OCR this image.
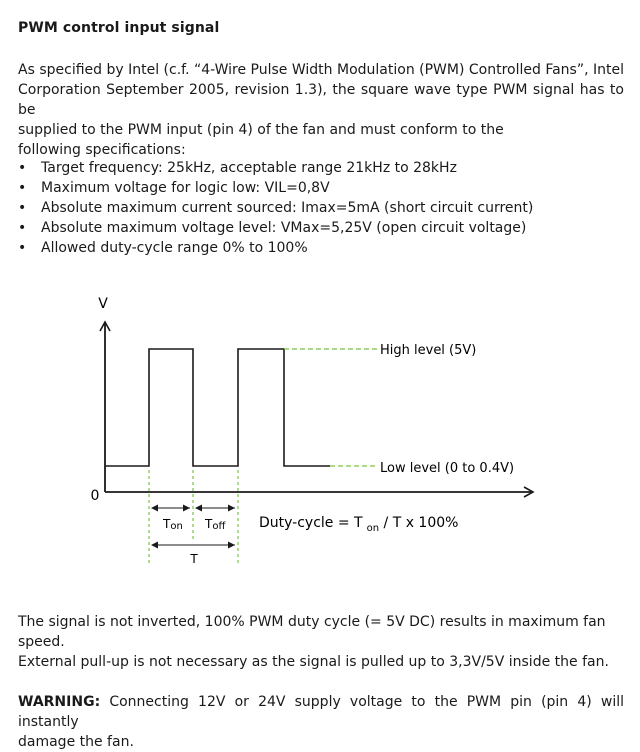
PWM control input signal
As specified by Intel (c.f. “4-Wire Pulse Width Modulation (PWM) Controlled Fans”, Intel
Corporation September 2005, revision 1.3), the square wave type PWM signal has to be
supplied to the PWM input (pin 4) of the fan and must conform to the
following specifications:
• Target frequency: 25kHz, acceptable range 21kHz to 28kHz
• Maximum voltage for logic low: VIL=0,8V
• Absolute maximum current sourced: Imax=5mA (short circuit current)
• Absolute maximum voltage level: VMax=5,25V (open circuit voltage)
• Allowed duty-cycle range 0% to 100%
V
0
High level (5V)
Low level (0 to 0.4V)
Ton Toff
T
Duty-cycle = T $_{on}$ / T x 100%
The signal is not inverted, 100% PWM duty cycle (= 5V DC) results in maximum fan speed.
External pull-up is not necessary as the signal is pulled up to 3,3V/5V inside the fan.
WARNING: Connecting 12V or 24V supply voltage to the PWM pin (pin 4) will instantly
damage the fan.
